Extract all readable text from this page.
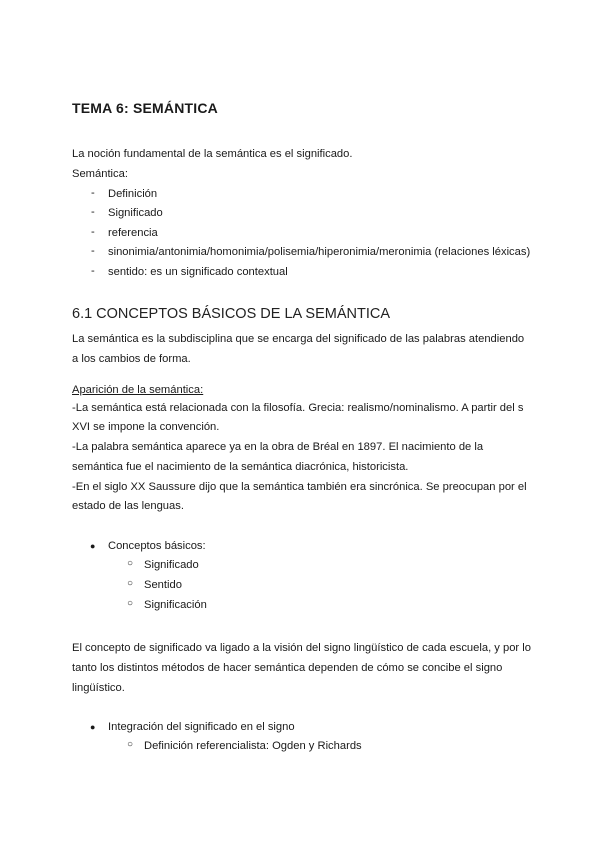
TEMA 6: SEMÁNTICA
La noción fundamental de la semántica es el significado.
Semántica:
- Definición
- Significado
- referencia
- sinonimia/antonimia/homonimia/polisemia/hiperonimia/meronimia (relaciones léxicas)
- sentido: es un significado contextual
6.1 CONCEPTOS BÁSICOS DE LA SEMÁNTICA
La semántica es la subdisciplina que se encarga del significado de las palabras atendiendo
a los cambios de forma.
Aparición de la semántica:
-La semántica está relacionada con la filosofía. Grecia: realismo/nominalismo. A partir del s
XVI se impone la convención.
-La palabra semántica aparece ya en la obra de Bréal en 1897. El nacimiento de la
semántica fue el nacimiento de la semántica diacrónica, historicista.
-En el siglo XX Saussure dijo que la semántica también era sincrónica. Se preocupan por el
estado de las lenguas.
● Conceptos básicos:
○ Significado
○ Sentido
○ Significación
El concepto de significado va ligado a la visión del signo lingüístico de cada escuela, y por lo
tanto los distintos métodos de hacer semántica dependen de cómo se concibe el signo
lingüístico.
● Integración del significado en el signo
○ Definición referencialista: Ogden y Richards
